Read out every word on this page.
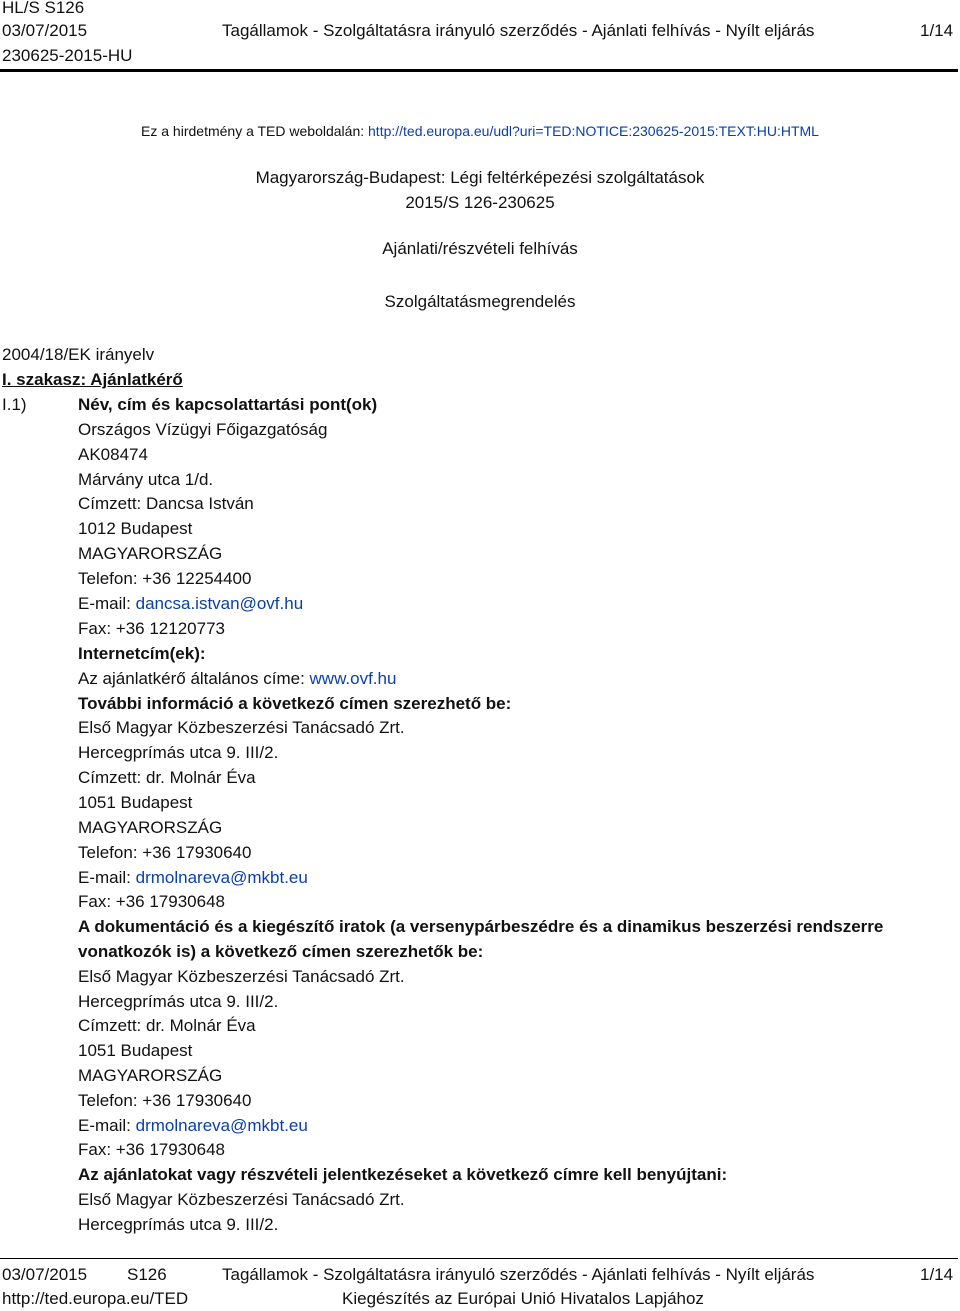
HL/S S126
03/07/2015
230625-2015-HU
Tagállamok - Szolgáltatásra irányuló szerződés - Ajánlati felhívás - Nyílt eljárás	1/14
Ez a hirdetmény a TED weboldalán: http://ted.europa.eu/udl?uri=TED:NOTICE:230625-2015:TEXT:HU:HTML
Magyarország-Budapest: Légi feltérképezési szolgáltatások
2015/S 126-230625
Ajánlati/részvételi felhívás
Szolgáltatásmegrendelés
2004/18/EK irányelv
I. szakasz: Ajánlatkérő
I.1)	Név, cím és kapcsolattartási pont(ok)
Országos Vízügyi Főigazgatóság
AK08474
Márvány utca 1/d.
Címzett: Dancsa István
1012 Budapest
MAGYARORSZÁG
Telefon: +36 12254400
E-mail: dancsa.istvan@ovf.hu
Fax: +36 12120773
Internetcím(ek):
Az ajánlatkérő általános címe: www.ovf.hu
További információ a következő címen szerezhető be:
Első Magyar Közbeszerzési Tanácsadó Zrt.
Hercegprímás utca 9. III/2.
Címzett: dr. Molnár Éva
1051 Budapest
MAGYARORSZÁG
Telefon: +36 17930640
E-mail: drmolnareva@mkbt.eu
Fax: +36 17930648
A dokumentáció és a kiegészítő iratok (a versenypárbeszédre és a dinamikus beszerzési rendszerre
vonatkozók is) a következő címen szerezhetők be:
Első Magyar Közbeszerzési Tanácsadó Zrt.
Hercegprímás utca 9. III/2.
Címzett: dr. Molnár Éva
1051 Budapest
MAGYARORSZÁG
Telefon: +36 17930640
E-mail: drmolnareva@mkbt.eu
Fax: +36 17930648
Az ajánlatokat vagy részvételi jelentkezéseket a következő címre kell benyújtani:
Első Magyar Közbeszerzési Tanácsadó Zrt.
Hercegprímás utca 9. III/2.
03/07/2015 S126	Tagállamok - Szolgáltatásra irányuló szerződés - Ajánlati felhívás - Nyílt eljárás	1/14
http://ted.europa.eu/TED	Kiegészítés az Európai Unió Hivatalos Lapjához
